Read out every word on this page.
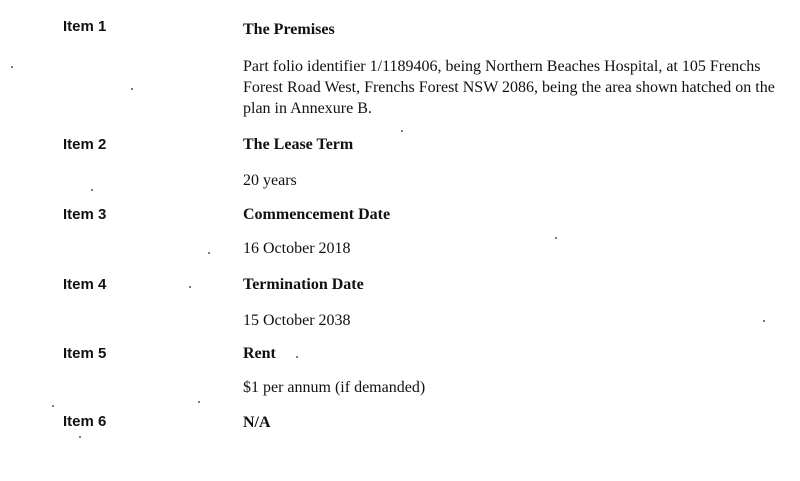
Item 1	The Premises
Part folio identifier 1/1189406, being Northern Beaches Hospital, at 105 Frenchs Forest Road West, Frenchs Forest NSW 2086, being the area shown hatched on the plan in Annexure B.
Item 2	The Lease Term
20 years
Item 3	Commencement Date
16 October 2018
Item 4	Termination Date
15 October 2038
Item 5	Rent
$1 per annum (if demanded)
Item 6	N/A
